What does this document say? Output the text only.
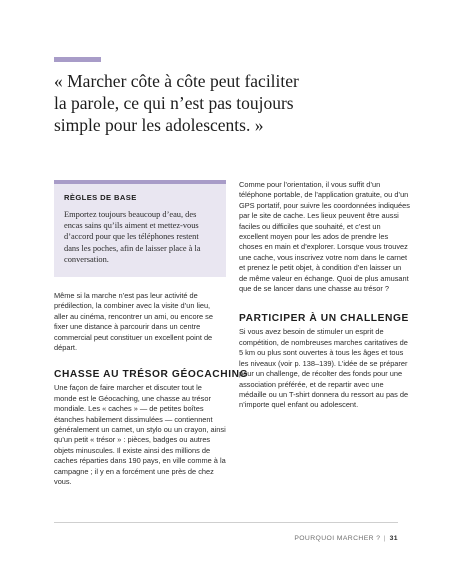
« Marcher côte à côte peut faciliter
la parole, ce qui n’est pas toujours
simple pour les adolescents. »

RÈGLES DE BASE

Emportez toujours beaucoup d’eau, des encas sains qu’ils aiment et mettez-vous d’accord pour que les téléphones restent dans les poches, afin de laisser place à la conversation.

Même si la marche n’est pas leur activité de prédilection, la combiner avec la visite d’un lieu, aller au cinéma, rencontrer un ami, ou encore se fixer une distance à parcourir dans un centre commercial peut constituer un excellent point de départ.

CHASSE AU TRÉSOR GÉOCACHING

Une façon de faire marcher et discuter tout le monde est le Géocaching, une chasse au trésor mondiale. Les « caches » — de petites boîtes étanches habilement dissimulées — contiennent généralement un carnet, un stylo ou un crayon, ainsi qu’un petit « trésor » : pièces, badges ou autres objets minuscules. Il existe ainsi des millions de caches réparties dans 190 pays, en ville comme à la campagne ; il y en a forcément une près de chez vous.

Comme pour l’orientation, il vous suffit d’un téléphone portable, de l’application gratuite, ou d’un GPS portatif, pour suivre les coordonnées indiquées par le site de cache. Les lieux peuvent être aussi faciles ou difficiles que souhaité, et c’est un excellent moyen pour les ados de prendre les choses en main et d’explorer. Lorsque vous trouvez une cache, vous inscrivez votre nom dans le carnet et prenez le petit objet, à condition d’en laisser un de même valeur en échange. Quoi de plus amusant que de se lancer dans une chasse au trésor ?

PARTICIPER À UN CHALLENGE

Si vous avez besoin de stimuler un esprit de compétition, de nombreuses marches caritatives de 5 km ou plus sont ouvertes à tous les âges et tous les niveaux (voir p. 138–139). L’idée de se préparer pour un challenge, de récolter des fonds pour une association préférée, et de repartir avec une médaille ou un T-shirt donnera du ressort au pas de n’importe quel enfant ou adolescent.

POURQUOI MARCHER ? | 31
